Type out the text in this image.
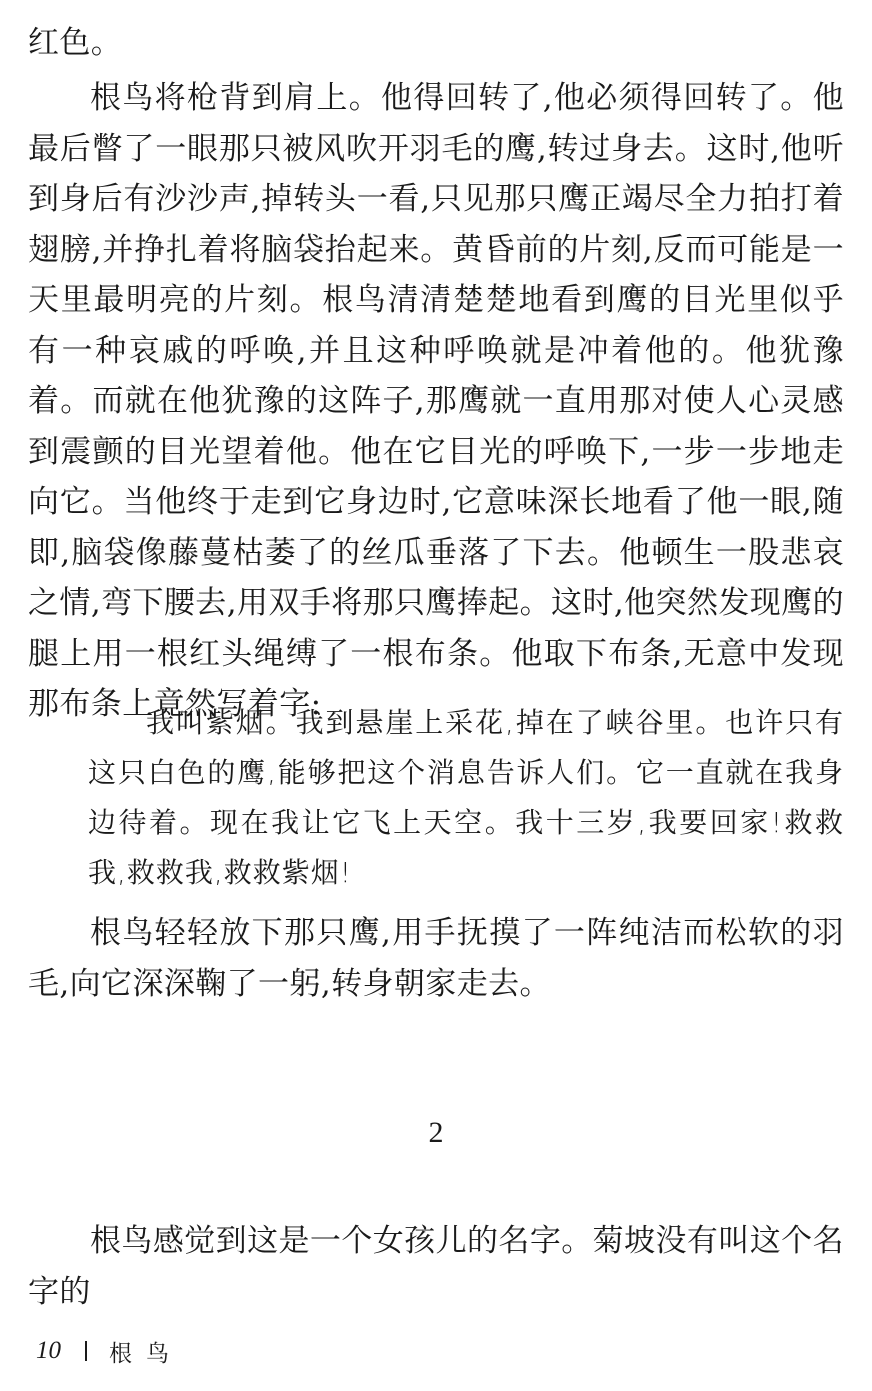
红色。

根鸟将枪背到肩上。他得回转了,他必须得回转了。他最后瞥了一眼那只被风吹开羽毛的鹰,转过身去。这时,他听到身后有沙沙声,掉转头一看,只见那只鹰正竭尽全力拍打着翅膀,并挣扎着将脑袋抬起来。黄昏前的片刻,反而可能是一天里最明亮的片刻。根鸟清清楚楚地看到鹰的目光里似乎有一种哀戚的呼唤,并且这种呼唤就是冲着他的。他犹豫着。而就在他犹豫的这阵子,那鹰就一直用那对使人心灵感到震颤的目光望着他。他在它目光的呼唤下,一步一步地走向它。当他终于走到它身边时,它意味深长地看了他一眼,随即,脑袋像藤蔓枯萎了的丝瓜垂落了下去。他顿生一股悲哀之情,弯下腰去,用双手将那只鹰捧起。这时,他突然发现鹰的腿上用一根红头绳缚了一根布条。他取下布条,无意中发现那布条上竟然写着字:

我叫紫烟。我到悬崖上采花,掉在了峡谷里。也许只有这只白色的鹰,能够把这个消息告诉人们。它一直就在我身边待着。现在我让它飞上天空。我十三岁,我要回家!救救我,救救我,救救紫烟!

根鸟轻轻放下那只鹰,用手抚摸了一阵纯洁而松软的羽毛,向它深深鞠了一躬,转身朝家走去。

2

根鸟感觉到这是一个女孩儿的名字。菊坡没有叫这个名字的

10 根鸟
